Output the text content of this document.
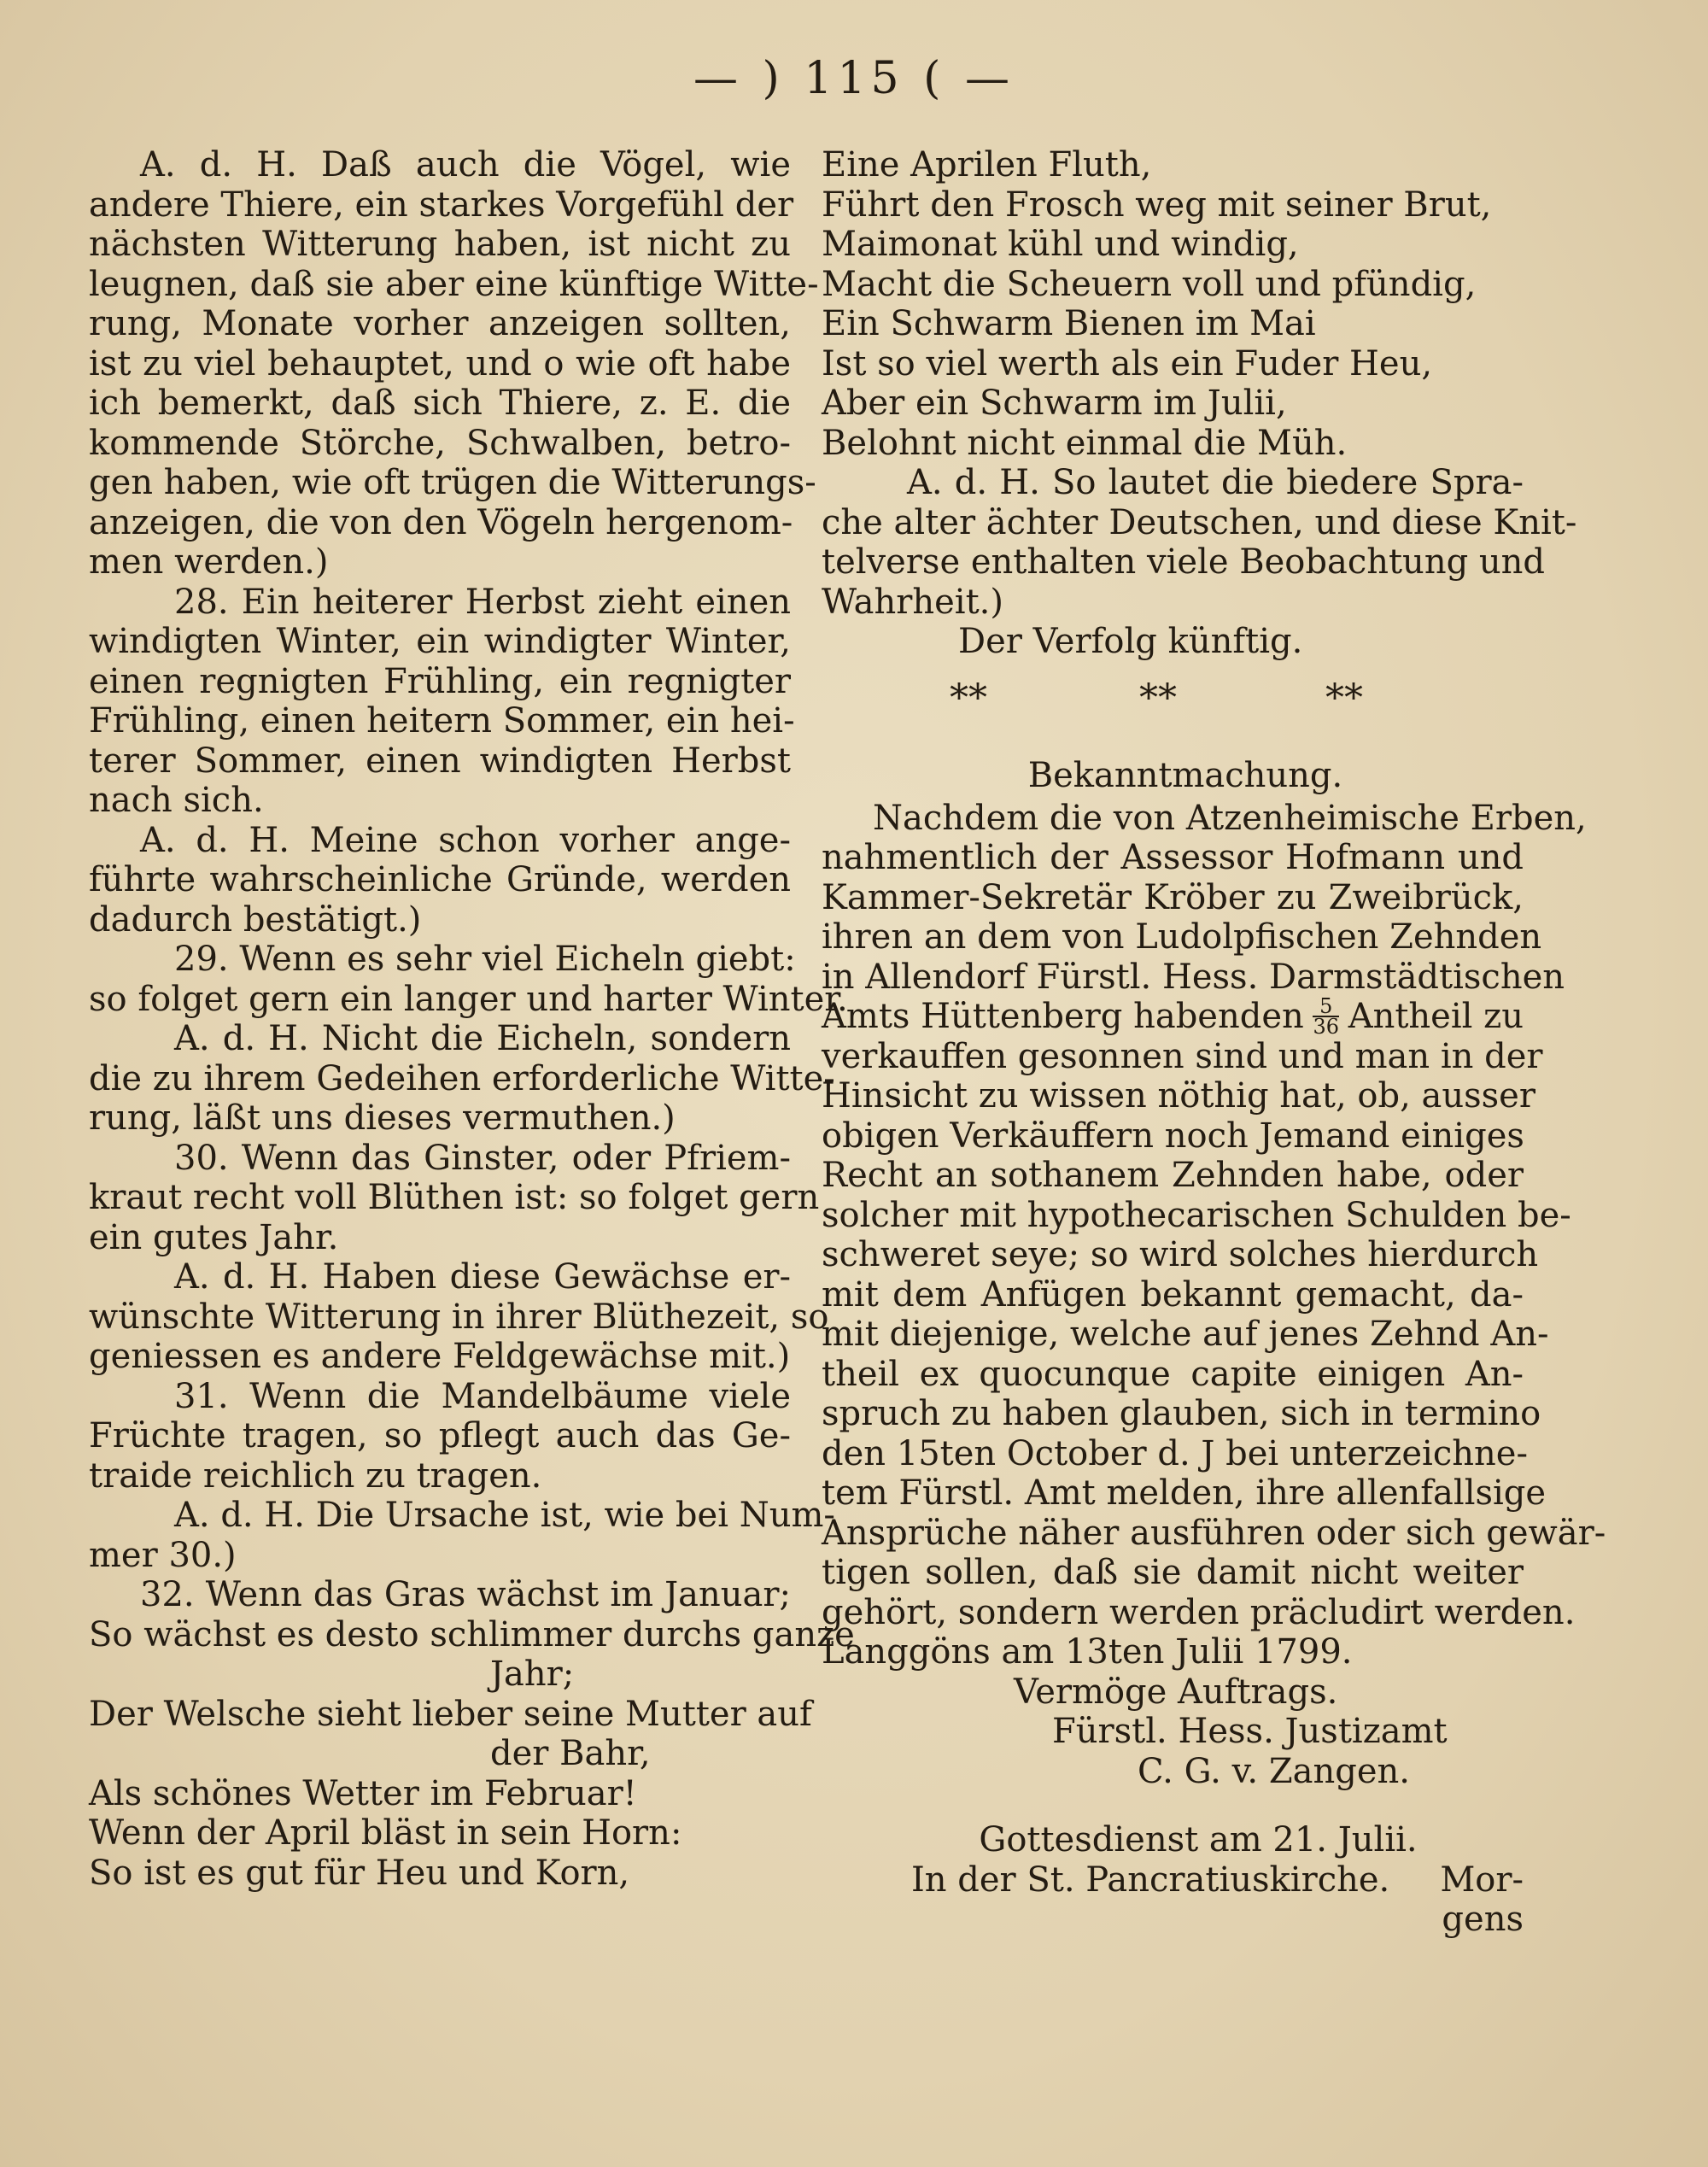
— ) 115 ( —
A. d. H. Daß auch die Vögel, wie
andere Thiere, ein starkes Vorgefühl der
nächsten Witterung haben, ist nicht zu
leugnen, daß sie aber eine künftige Witte-
rung, Monate vorher anzeigen sollten,
ist zu viel behauptet, und o wie oft habe
ich bemerkt, daß sich Thiere, z. E. die
kommende Störche, Schwalben, betro-
gen haben, wie oft trügen die Witterungs-
anzeigen, die von den Vögeln hergenom-
men werden.)
28. Ein heiterer Herbst zieht einen
windigten Winter, ein windigter Winter,
einen regnigten Frühling, ein regnigter
Frühling, einen heitern Sommer, ein hei-
terer Sommer, einen windigten Herbst
nach sich.
A. d. H. Meine schon vorher ange-
führte wahrscheinliche Gründe, werden
dadurch bestätigt.)
29. Wenn es sehr viel Eicheln giebt:
so folget gern ein langer und harter Winter.
A. d. H. Nicht die Eicheln, sondern
die zu ihrem Gedeihen erforderliche Witte-
rung, läßt uns dieses vermuthen.)
30. Wenn das Ginster, oder Pfriem-
kraut recht voll Blüthen ist: so folget gern
ein gutes Jahr.
A. d. H. Haben diese Gewächse er-
wünschte Witterung in ihrer Blüthezeit, so
geniessen es andere Feldgewächse mit.)
31. Wenn die Mandelbäume viele
Früchte tragen, so pflegt auch das Ge-
traide reichlich zu tragen.
A. d. H. Die Ursache ist, wie bei Num-
mer 30.)
32. Wenn das Gras wächst im Januar;
So wächst es desto schlimmer durchs ganze
Jahr;
Der Welsche sieht lieber seine Mutter auf
der Bahr,
Als schönes Wetter im Februar!
Wenn der April bläst in sein Horn:
So ist es gut für Heu und Korn,
Eine Aprilen Fluth,
Führt den Frosch weg mit seiner Brut,
Maimonat kühl und windig,
Macht die Scheuern voll und pfündig,
Ein Schwarm Bienen im Mai
Ist so viel werth als ein Fuder Heu,
Aber ein Schwarm im Julii,
Belohnt nicht einmal die Müh.
A. d. H. So lautet die biedere Spra-
che alter ächter Deutschen, und diese Knit-
telverse enthalten viele Beobachtung und
Wahrheit.)
Der Verfolg künftig.
**	**	**
Bekanntmachung.
Nachdem die von Atzenheimische Erben,
nahmentlich der Assessor Hofmann und
Kammer-Sekretär Kröber zu Zweibrück,
ihren an dem von Ludolpfischen Zehnden
in Allendorf Fürstl. Hess. Darmstädtischen
Amts Hüttenberg habenden $\frac{5}{36}$ Antheil zu
verkauffen gesonnen sind und man in der
Hinsicht zu wissen nöthig hat, ob, ausser
obigen Verkäuffern noch Jemand einiges
Recht an sothanem Zehnden habe, oder
solcher mit hypothecarischen Schulden be-
schweret seye; so wird solches hierdurch
mit dem Anfügen bekannt gemacht, da-
mit diejenige, welche auf jenes Zehnd An-
theil ex quocunque capite einigen An-
spruch zu haben glauben, sich in termino
den 15ten October d. J bei unterzeichne-
tem Fürstl. Amt melden, ihre allenfallsige
Ansprüche näher ausführen oder sich gewär-
tigen sollen, daß sie damit nicht weiter
gehört, sondern werden präcludirt werden.
Langgöns am 13ten Julii 1799.
Vermöge Auftrags.
Fürstl. Hess. Justizamt
C. G. v. Zangen.
Gottesdienst am 21. Julii.
In der St. Pancratiuskirche. Mor-
gens
